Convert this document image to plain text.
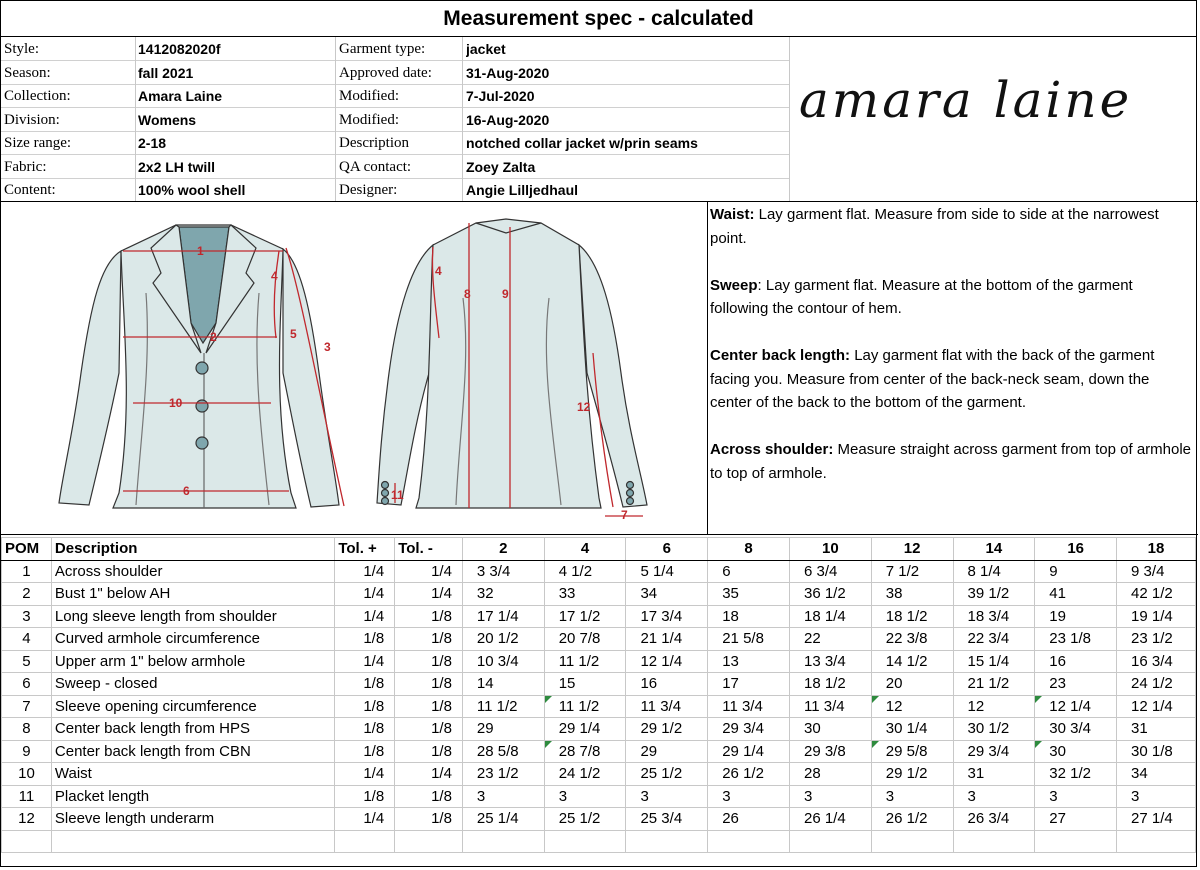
Measurement spec - calculated
Style:	1412082020f	Garment type:	jacket
Season:	fall 2021	Approved date:	31-Aug-2020
Collection:	Amara Laine	Modified:	7-Jul-2020
Division:	Womens	Modified:	16-Aug-2020
Size range:	2-18	Description	notched collar jacket w/prin seams
Fabric:	2x2 LH twill	QA contact:	Zoey Zalta
Content:	100% wool shell	Designer:	Angie Lilljedhaul
amara laine
1
2
3
4
5
10
6
4
8	9
12
11
7

Waist: Lay garment flat. Measure from side to side at the narrowest point.

Sweep: Lay garment flat. Measure at the bottom of the garment following the contour of hem.

Center back length: Lay garment flat with the back of the garment facing you. Measure from center of the back-neck seam, down the center of the back to the bottom of the garment.

Across shoulder: Measure straight across garment from top of armhole to top of armhole.

POM	Description	Tol. +	Tol. -	2	4	6	8	10	12	14	16	18
1	Across shoulder	1/4	1/4	3 3/4	4 1/2	5 1/4	6	6 3/4	7 1/2	8 1/4	9	9 3/4
2	Bust 1" below AH	1/4	1/4	32	33	34	35	36 1/2	38	39 1/2	41	42 1/2
3	Long sleeve length from shoulder	1/4	1/8	17 1/4	17 1/2	17 3/4	18	18 1/4	18 1/2	18 3/4	19	19 1/4
4	Curved armhole circumference	1/8	1/8	20 1/2	20 7/8	21 1/4	21 5/8	22	22 3/8	22 3/4	23 1/8	23 1/2
5	Upper arm 1" below armhole	1/4	1/8	10 3/4	11 1/2	12 1/4	13	13 3/4	14 1/2	15 1/4	16	16 3/4
6	Sweep - closed	1/8	1/8	14	15	16	17	18 1/2	20	21 1/2	23	24 1/2
7	Sleeve opening circumference	1/8	1/8	11 1/2	11 1/2	11 3/4	11 3/4	11 3/4	12	12	12 1/4	12 1/4
8	Center back length from HPS	1/8	1/8	29	29 1/4	29 1/2	29 3/4	30	30 1/4	30 1/2	30 3/4	31
9	Center back length from CBN	1/8	1/8	28 5/8	28 7/8	29	29 1/4	29 3/8	29 5/8	29 3/4	30	30 1/8
10	Waist	1/4	1/4	23 1/2	24 1/2	25 1/2	26 1/2	28	29 1/2	31	32 1/2	34
11	Placket length	1/8	1/8	3	3	3	3	3	3	3	3	3
12	Sleeve length underarm	1/4	1/8	25 1/4	25 1/2	25 3/4	26	26 1/4	26 1/2	26 3/4	27	27 1/4
